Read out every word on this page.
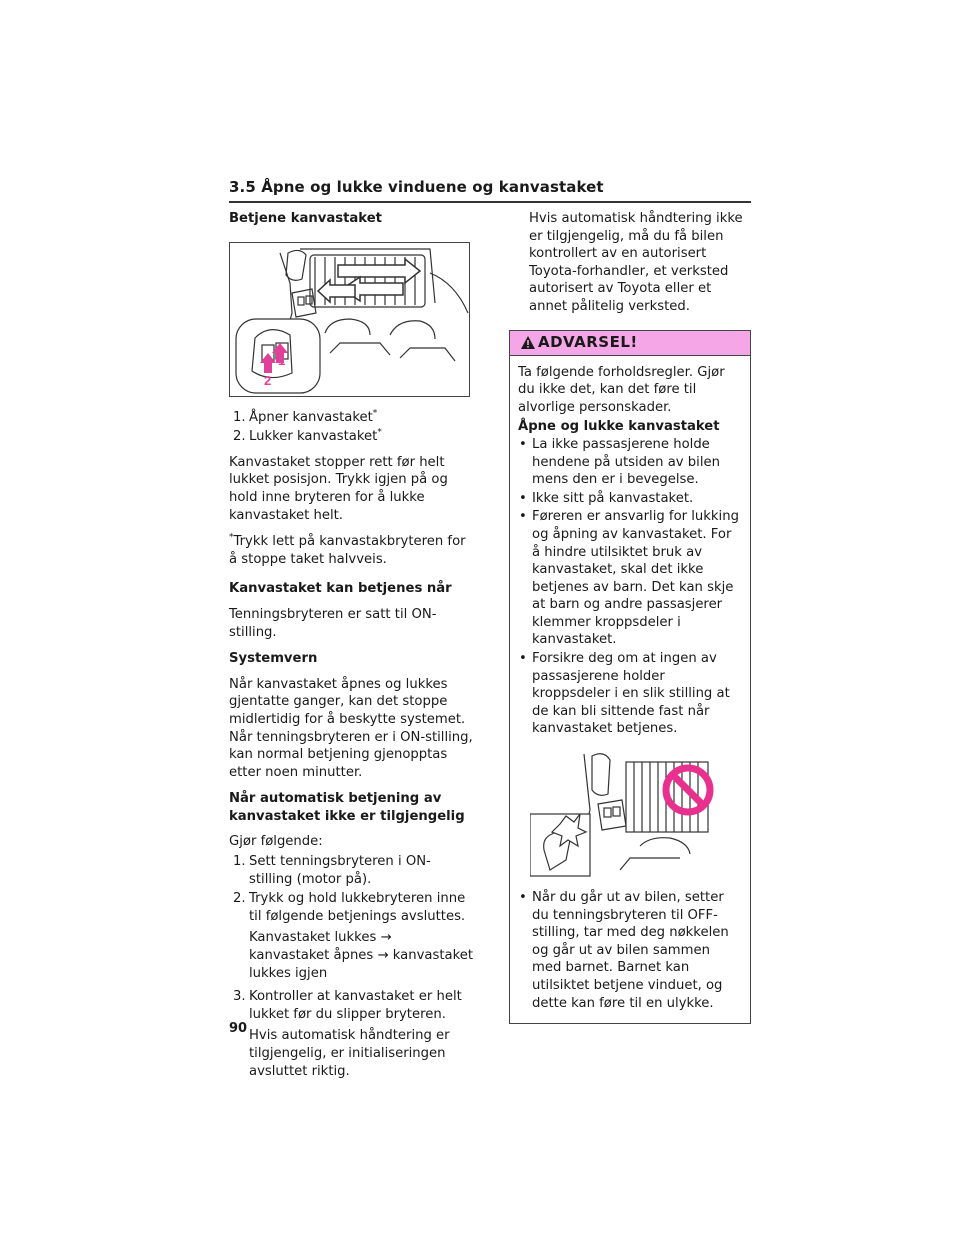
3.5 Åpne og lukke vinduene og kanvastaket
Betjene kanvastaket
1
2
1. Åpner kanvastaket*
2. Lukker kanvastaket*

Kanvastaket stopper rett før helt lukket posisjon. Trykk igjen på og hold inne bryteren for å lukke kanvastaket helt.

*Trykk lett på kanvastakbryteren for å stoppe taket halvveis.

Kanvastaket kan betjenes når

Tenningsbryteren er satt til ON-stilling.

Systemvern

Når kanvastaket åpnes og lukkes gjentatte ganger, kan det stoppe midlertidig for å beskytte systemet. Når tenningsbryteren er i ON-stilling, kan normal betjening gjenopptas etter noen minutter.

Når automatisk betjening av kanvastaket ikke er tilgjengelig

Gjør følgende:

1. Sett tenningsbryteren i ON-stilling (motor på).
2. Trykk og hold lukkebryteren inne til følgende betjenings avsluttes.
Kanvastaket lukkes → kanvastaket åpnes → kanvastaket lukkes igjen
3. Kontroller at kanvastaket er helt lukket før du slipper bryteren.
Hvis automatisk håndtering er tilgjengelig, er initialiseringen avsluttet riktig.

Hvis automatisk håndtering ikke er tilgjengelig, må du få bilen kontrollert av en autorisert Toyota-forhandler, et verksted autorisert av Toyota eller et annet pålitelig verksted.

ADVARSEL!

Ta følgende forholdsregler. Gjør du ikke det, kan det føre til alvorlige personskader.

Åpne og lukke kanvastaket
• La ikke passasjerene holde hendene på utsiden av bilen mens den er i bevegelse.
• Ikke sitt på kanvastaket.
• Føreren er ansvarlig for lukking og åpning av kanvastaket. For å hindre utilsiktet bruk av kanvastaket, skal det ikke betjenes av barn. Det kan skje at barn og andre passasjerer klemmer kroppsdeler i kanvastaket.
• Forsikre deg om at ingen av passasjerene holder kroppsdeler i en slik stilling at de kan bli sittende fast når kanvastaket betjenes.
• Når du går ut av bilen, setter du tenningsbryteren til OFF-stilling, tar med deg nøkkelen og går ut av bilen sammen med barnet. Barnet kan utilsiktet betjene vinduet, og dette kan føre til en ulykke.
90
